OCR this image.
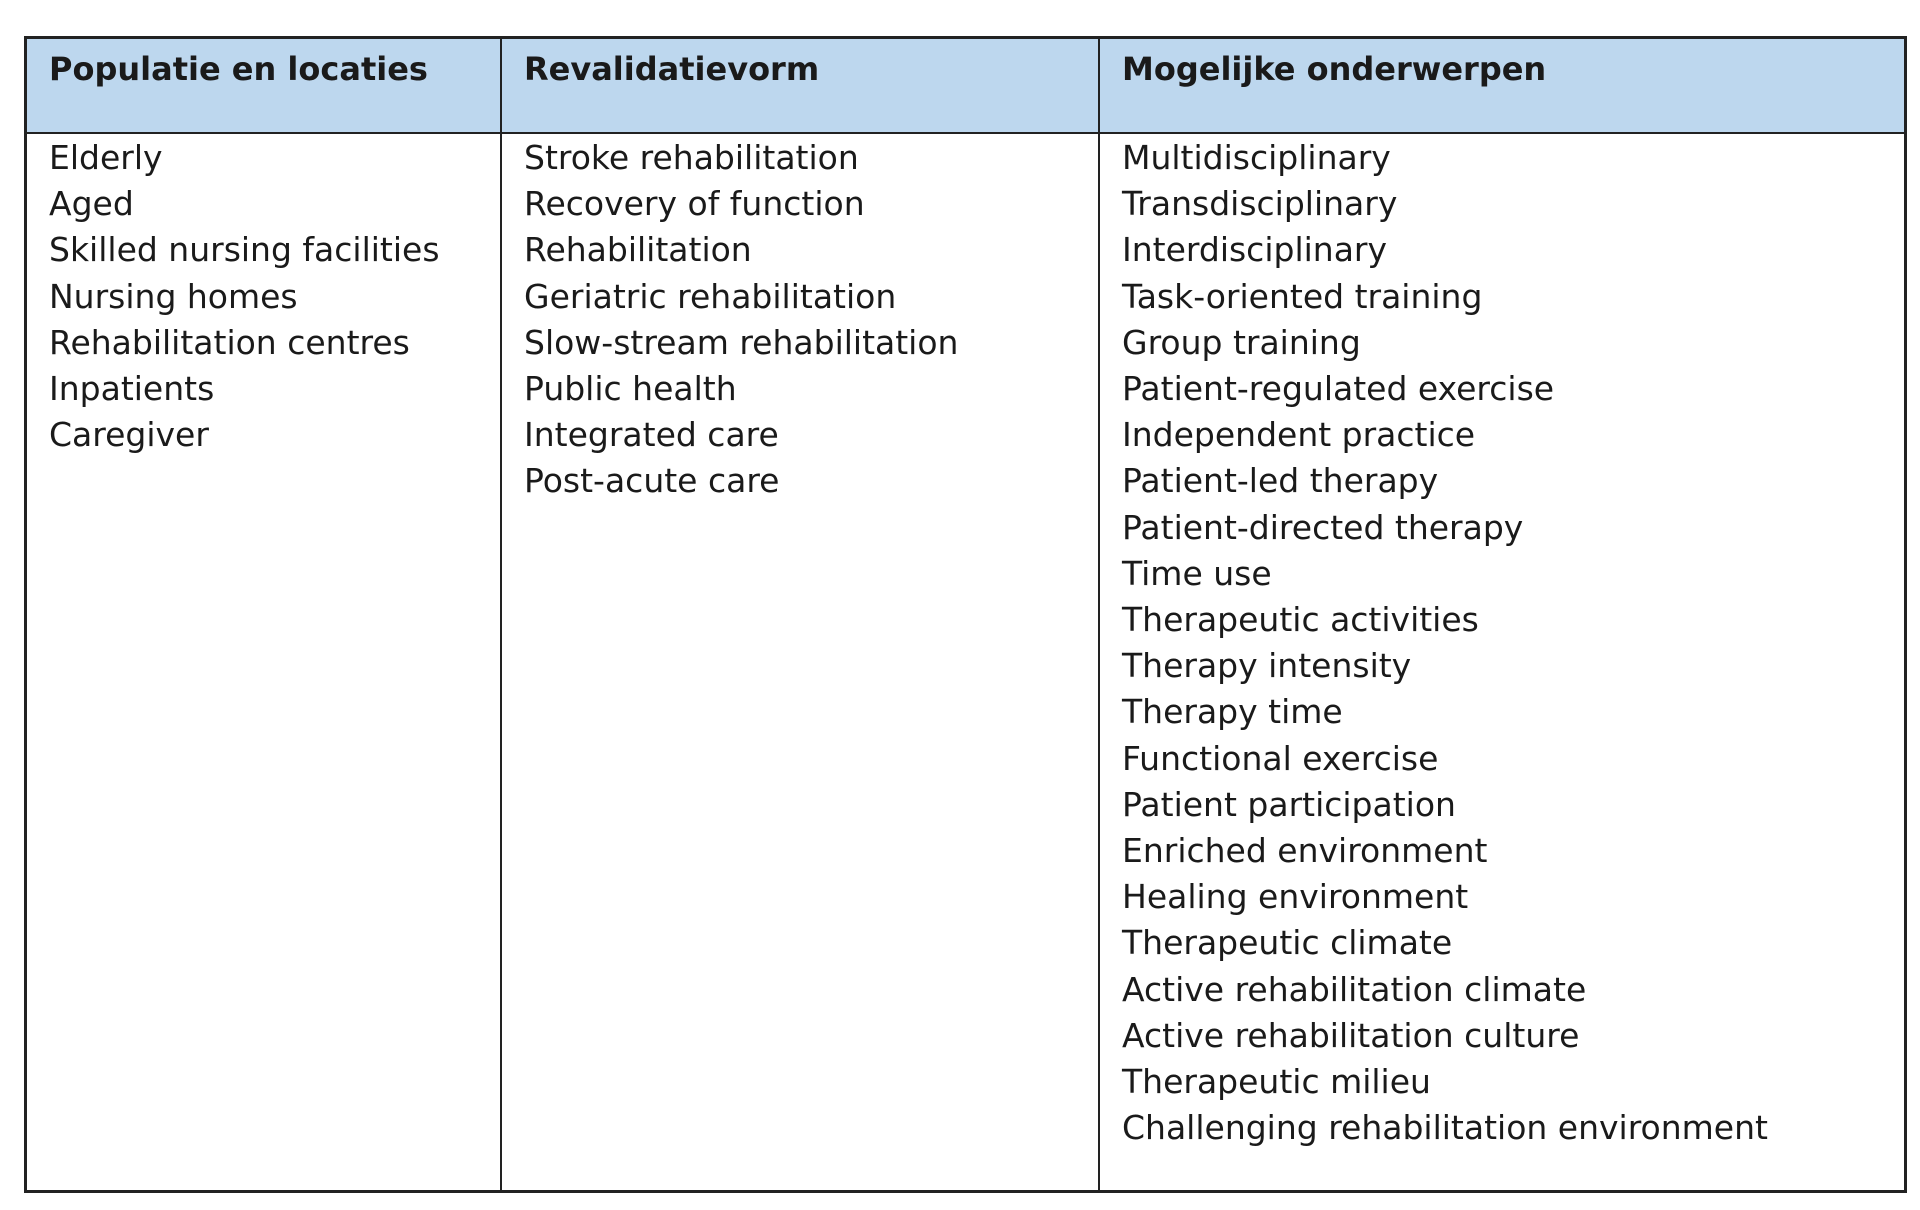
Populatie en locaties	Revalidatievorm	Mogelijke onderwerpen
Elderly
Aged
Skilled nursing facilities
Nursing homes
Rehabilitation centres
Inpatients
Caregiver
Stroke rehabilitation
Recovery of function
Rehabilitation
Geriatric rehabilitation
Slow-stream rehabilitation
Public health
Integrated care
Post-acute care
Multidisciplinary
Transdisciplinary
Interdisciplinary
Task-oriented training
Group training
Patient-regulated exercise
Independent practice
Patient-led therapy
Patient-directed therapy
Time use
Therapeutic activities
Therapy intensity
Therapy time
Functional exercise
Patient participation
Enriched environment
Healing environment
Therapeutic climate
Active rehabilitation climate
Active rehabilitation culture
Therapeutic milieu
Challenging rehabilitation environment
